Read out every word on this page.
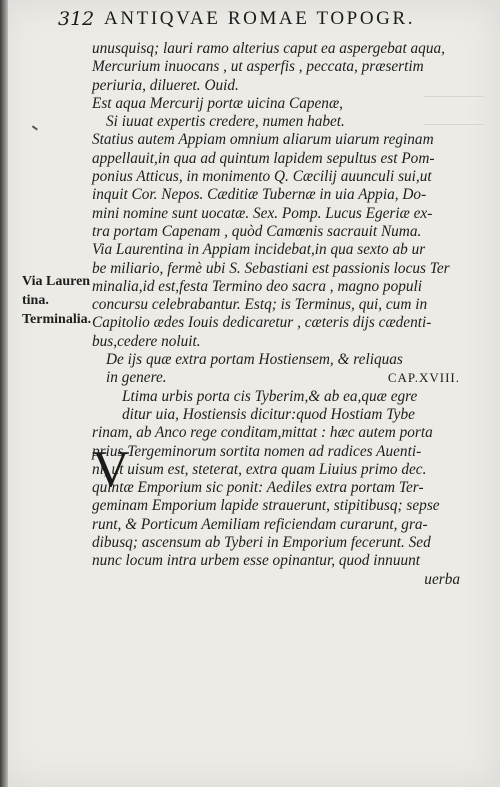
312 ANTIQVAE ROMAE TOPOGR.
Via Lauren
tina.
Terminalia.
V
unusquisq; lauri ramo alterius caput ea aspergebat aqua,
Mercurium inuocans , ut asperfis , peccata, præsertim
periuria, dilueret. Ouid.
Est aqua Mercurij portæ uicina Capenæ,
Si iuuat expertis credere, numen habet.
Statius autem Appiam omnium aliarum uiarum reginam
appellauit,in qua ad quintum lapidem sepultus est Pom-
ponius Atticus, in monimento Q. Cæcilij auunculi sui,ut
inquit Cor. Nepos. Cæditiæ Tubernæ in uia Appia, Do-
mini nomine sunt uocatæ. Sex. Pomp. Lucus Egeriæ ex-
tra portam Capenam , quòd Camœnis sacrauit Numa.
Via Laurentina in Appiam incidebat,in qua sexto ab ur
be miliario, fermè ubi S. Sebastiani est passionis locus Ter
minalia,id est,festa Termino deo sacra , magno populi
concursu celebrabantur. Estq; is Terminus, qui, cum in
Capitolio ædes Iouis dedicaretur , cæteris dijs cædenti-
bus,cedere noluit.
De ijs quæ extra portam Hostiensem, & reliquas
in genere.	CAP.XVIII.
Ltima urbis porta cis Tyberim,& ab ea,quæ egre
ditur uia, Hostiensis dicitur:quod Hostiam Tybe
rinam, ab Anco rege conditam,mittat : hæc autem porta
prius Tergeminorum sortita nomen ad radices Auenti-
ni, ut uisum est, steterat, extra quam Liuius primo dec.
quintæ Emporium sic ponit: Aediles extra portam Ter-
geminam Emporium lapide strauerunt, stipitibusq; sepse
runt, & Porticum Aemiliam reficiendam curarunt, gra-
dibusq; ascensum ab Tyberi in Emporium fecerunt. Sed
nunc locum intra urbem esse opinantur, quod innuunt
uerba
